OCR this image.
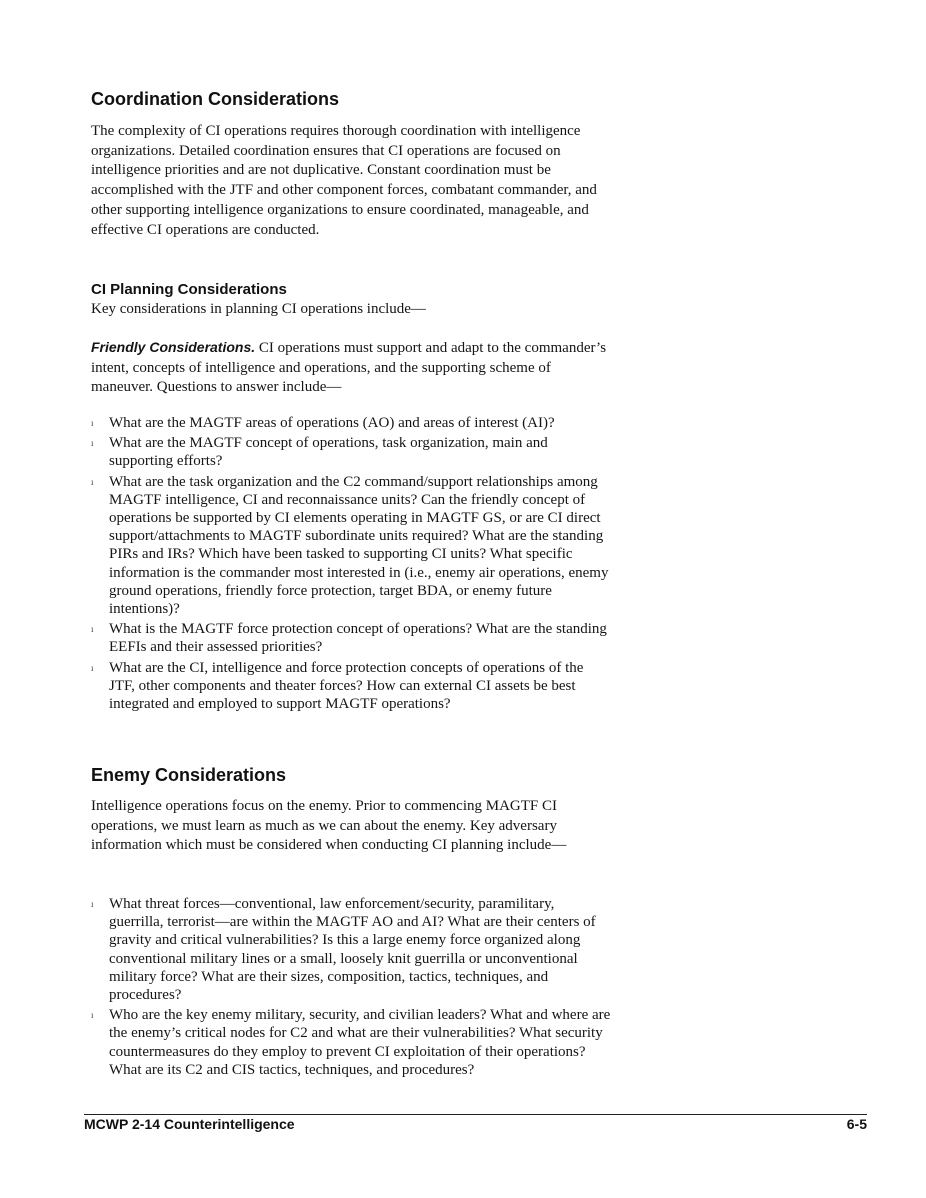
Coordination Considerations

The complexity of CI operations requires thorough coordination with intelligence organizations. Detailed coordination ensures that CI operations are focused on intelligence priorities and are not duplicative. Constant coordination must be accomplished with the JTF and other component forces, combatant commander, and other supporting intelligence organizations to ensure coordinated, manageable, and effective CI operations are conducted.

CI Planning Considerations

Key considerations in planning CI operations include—

Friendly Considerations. CI operations must support and adapt to the commander’s intent, concepts of intelligence and operations, and the supporting scheme of maneuver. Questions to answer include—

ı What are the MAGTF areas of operations (AO) and areas of interest (AI)?
ı What are the MAGTF concept of operations, task organization, main and supporting efforts?
ı What are the task organization and the C2 command/support relationships among MAGTF intelligence, CI and reconnaissance units? Can the friendly concept of operations be supported by CI elements operating in MAGTF GS, or are CI direct support/attachments to MAGTF subordinate units required? What are the standing PIRs and IRs? Which have been tasked to supporting CI units? What specific information is the commander most interested in (i.e., enemy air operations, enemy ground operations, friendly force protection, target BDA, or enemy future intentions)?
ı What is the MAGTF force protection concept of operations? What are the standing EEFIs and their assessed priorities?
ı What are the CI, intelligence and force protection concepts of operations of the JTF, other components and theater forces? How can external CI assets be best integrated and employed to support MAGTF operations?
Enemy Considerations

Intelligence operations focus on the enemy. Prior to commencing MAGTF CI operations, we must learn as much as we can about the enemy. Key adversary information which must be considered when conducting CI planning include—

ı What threat forces—conventional, law enforcement/security, paramilitary, guerrilla, terrorist—are within the MAGTF AO and AI? What are their centers of gravity and critical vulnerabilities? Is this a large enemy force organized along conventional military lines or a small, loosely knit guerrilla or unconventional military force? What are their sizes, composition, tactics, techniques, and procedures?
ı Who are the key enemy military, security, and civilian leaders? What and where are the enemy’s critical nodes for C2 and what are their vulnerabilities? What security countermeasures do they employ to prevent CI exploitation of their operations? What are its C2 and CIS tactics, techniques, and procedures?
MCWP 2-14 Counterintelligence	6-5
